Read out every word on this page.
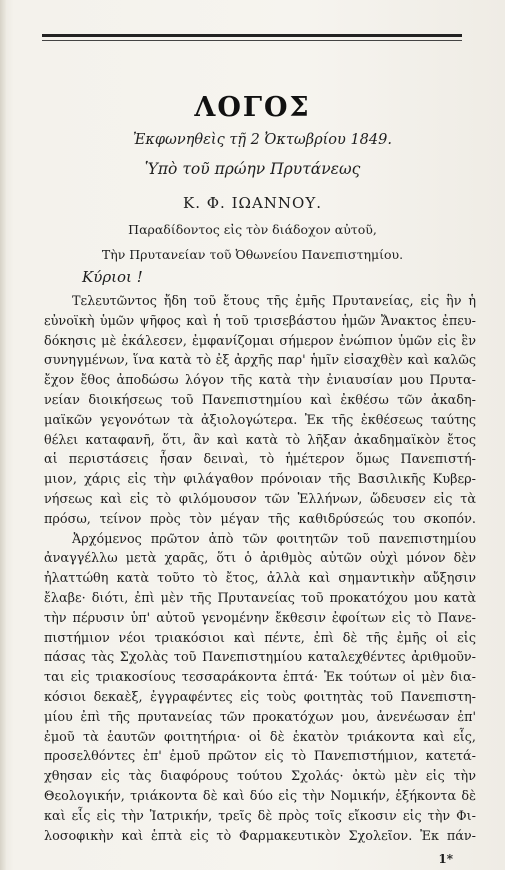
ΛΟΓΟΣ
Ἐκφωνηθεὶς τῇ 2 Ὀκτωβρίου 1849.
Ὑπὸ τοῦ πρώην Πρυτάνεως
Κ. Φ. ΙΩΑΝΝΟΥ.
Παραδίδοντος εἰς τὸν διάδοχον αὐτοῦ,
Τὴν Πρυτανείαν τοῦ Ὀθωνείου Πανεπιστημίου.
Κύριοι !

Τελευτῶντος ἤδη τοῦ ἔτους τῆς ἐμῆς Πρυτανείας, εἰς ἣν ἡ

εὐνοϊκὴ ὑμῶν ψῆφος καὶ ἡ τοῦ τρισεβάστου ἡμῶν Ἄνακτος ἐπευ-

δόκησις μὲ ἐκάλεσεν, ἐμφανίζομαι σήμερον ἐνώπιον ὑμῶν εἰς ἓν

συνηγμένων, ἵνα κατὰ τὸ ἐξ ἀρχῆς παρ' ἡμῖν εἰσαχθὲν καὶ καλῶς

ἔχον ἔθος ἀποδώσω λόγον τῆς κατὰ τὴν ἐνιαυσίαν μου Πρυτα-

νείαν διοικήσεως τοῦ Πανεπιστημίου καὶ ἐκθέσω τῶν ἀκαδη-

μαϊκῶν γεγονότων τὰ ἀξιολογώτερα. Ἐκ τῆς ἐκθέσεως ταύτης

θέλει καταφανῆ, ὅτι, ἂν καὶ κατὰ τὸ λῆξαν ἀκαδημαϊκὸν ἔτος

αἱ περιστάσεις ἦσαν δειναὶ, τὸ ἡμέτερον ὅμως Πανεπιστή-

μιον, χάρις εἰς τὴν φιλάγαθον πρόνοιαν τῆς Βασιλικῆς Κυβερ-

νήσεως καὶ εἰς τὸ φιλόμουσον τῶν Ἑλλήνων, ὥδευσεν εἰς τὰ

πρόσω, τείνον πρὸς τὸν μέγαν τῆς καθιδρύσεώς του σκοπόν.

Ἀρχόμενος πρῶτον ἀπὸ τῶν φοιτητῶν τοῦ πανεπιστημίου

ἀναγγέλλω μετὰ χαρᾶς, ὅτι ὁ ἀριθμὸς αὐτῶν οὐχὶ μόνον δὲν

ἠλαττώθη κατὰ τοῦτο τὸ ἔτος, ἀλλὰ καὶ σημαντικὴν αὔξησιν

ἔλαβε· διότι, ἐπὶ μὲν τῆς Πρυτανείας τοῦ προκατόχου μου κατὰ

τὴν πέρυσιν ὑπ' αὐτοῦ γενομένην ἔκθεσιν ἐφοίτων εἰς τὸ Πανε-

πιστήμιον νέοι τριακόσιοι καὶ πέντε, ἐπὶ δὲ τῆς ἐμῆς οἱ εἰς

πάσας τὰς Σχολὰς τοῦ Πανεπιστημίου καταλεχθέντες ἀριθμοῦν-

ται εἰς τριακοσίους τεσσαράκοντα ἑπτά· Ἐκ τούτων οἱ μὲν δια-

κόσιοι δεκαὲξ, ἐγγραφέντες εἰς τοὺς φοιτητὰς τοῦ Πανεπιστη-

μίου ἐπὶ τῆς πρυτανείας τῶν προκατόχων μου, ἀνενέωσαν ἐπ'

ἐμοῦ τὰ ἑαυτῶν φοιτητήρια· οἱ δὲ ἑκατὸν τριάκοντα καὶ εἷς,

προσελθόντες ἐπ' ἐμοῦ πρῶτον εἰς τὸ Πανεπιστήμιον, κατετά-

χθησαν εἰς τὰς διαφόρους τούτου Σχολάς· ὀκτὼ μὲν εἰς τὴν

Θεολογικήν, τριάκοντα δὲ καὶ δύο εἰς τὴν Νομικήν, ἑξήκοντα δὲ

καὶ εἷς εἰς τὴν Ἰατρικήν, τρεῖς δὲ πρὸς τοῖς εἴκοσιν εἰς τὴν Φι-

λοσοφικὴν καὶ ἑπτὰ εἰς τὸ Φαρμακευτικὸν Σχολεῖον. Ἐκ πάν-

1*
